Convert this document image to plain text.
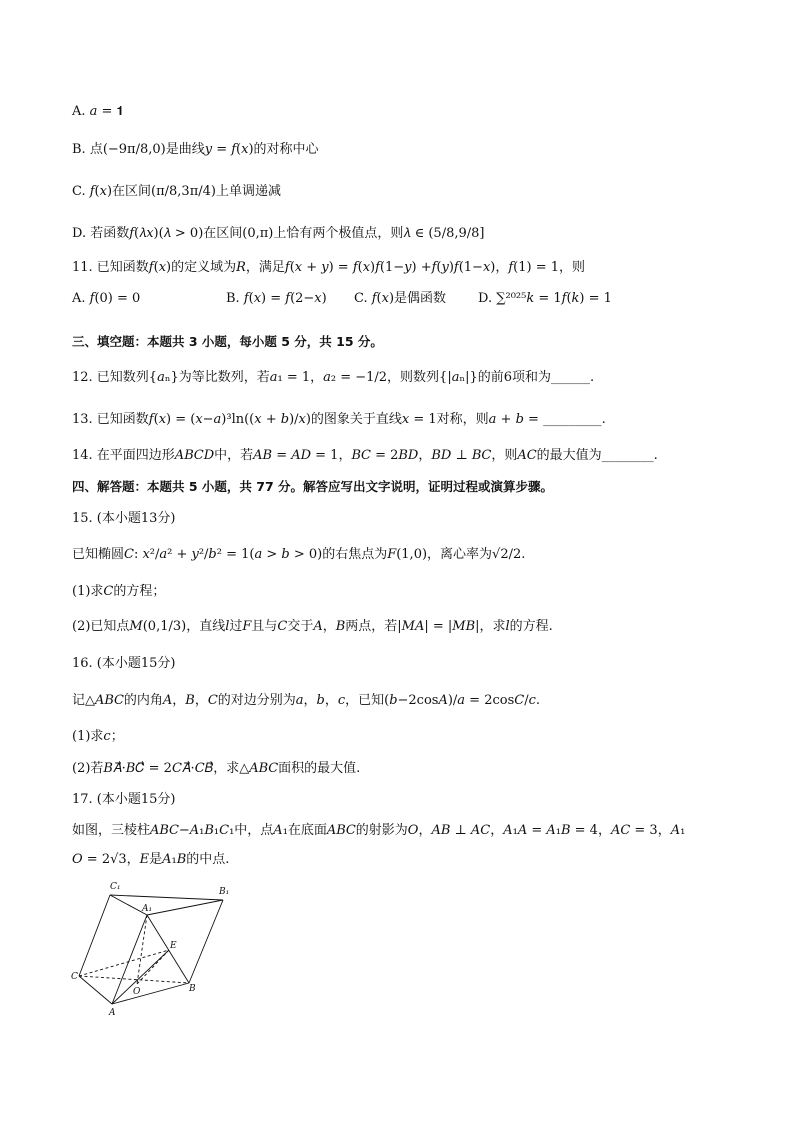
A. 𝑎 = 𝟏
B. 点(−9π/8,0)是曲线𝑦 = 𝑓(𝑥)的对称中心
C. 𝑓(𝑥)在区间(π/8,3π/4)上单调递减
D. 若函数𝑓(𝜆𝑥)(𝜆 > 0)在区间(0,π)上恰有两个极值点，则𝜆 ∈ (5/8,9/8]
11. 已知函数𝑓(𝑥)的定义域为𝑅，满足𝑓(𝑥 + 𝑦) = 𝑓(𝑥)𝑓(1−𝑦) +𝑓(𝑦)𝑓(1−𝑥)，𝑓(1) = 1，则
A. 𝑓(0) = 0	B. 𝑓(𝑥) = 𝑓(2−𝑥) C. 𝑓(𝑥)是偶函数 D. ∑²⁰²⁵𝑘 = 1𝑓(𝑘) = 1
三、填空题：本题共 3 小题，每小题 5 分，共 15 分。
12. 已知数列{𝑎ₙ}为等比数列，若𝑎₁ = 1，𝑎₂ = −1/2，则数列{|𝑎ₙ|}的前6项和为______.
13. 已知函数𝑓(𝑥) = (𝑥−𝑎)³ln((𝑥 + 𝑏)/𝑥)的图象关于直线𝑥 = 1对称，则𝑎 + 𝑏 = _________.
14. 在平面四边形𝐴𝐵𝐶𝐷中，若𝐴𝐵 = 𝐴𝐷 = 1，𝐵𝐶 = 2𝐵𝐷，𝐵𝐷 ⊥ 𝐵𝐶，则𝐴𝐶的最大值为________.
四、解答题：本题共 5 小题，共 77 分。解答应写出文字说明，证明过程或演算步骤。
15. (本小题13分)
已知椭圆𝐶: 𝑥²/𝑎² + 𝑦²/𝑏² = 1(𝑎 > 𝑏 > 0)的右焦点为𝐹(1,0)，离心率为√2/2.
(1)求𝐶的方程；
(2)已知点𝑀(0,1/3)，直线𝑙过𝐹且与𝐶交于𝐴，𝐵两点，若|𝑀𝐴| = |𝑀𝐵|，求𝑙的方程.
16. (本小题15分)
记△𝐴𝐵𝐶的内角𝐴，𝐵，𝐶的对边分别为𝑎，𝑏，𝑐，已知(𝑏−2cos𝐴)/𝑎 = 2cos𝐶/𝑐.
(1)求𝑐；
(2)若𝐵𝐴⃗·𝐵𝐶⃗ = 2𝐶𝐴⃗·𝐶𝐵⃗，求△𝐴𝐵𝐶面积的最大值.
17. (本小题15分)
如图，三棱柱𝐴𝐵𝐶−𝐴₁𝐵₁𝐶₁中，点𝐴₁在底面𝐴𝐵𝐶的射影为𝑂，𝐴𝐵 ⊥ 𝐴𝐶，𝐴₁𝐴 = 𝐴₁𝐵 = 4，𝐴𝐶 = 3，𝐴₁
𝑂 = 2√3，𝐸是𝐴₁𝐵的中点.
C₁	B₁
A₁
E
C
O	B
A
